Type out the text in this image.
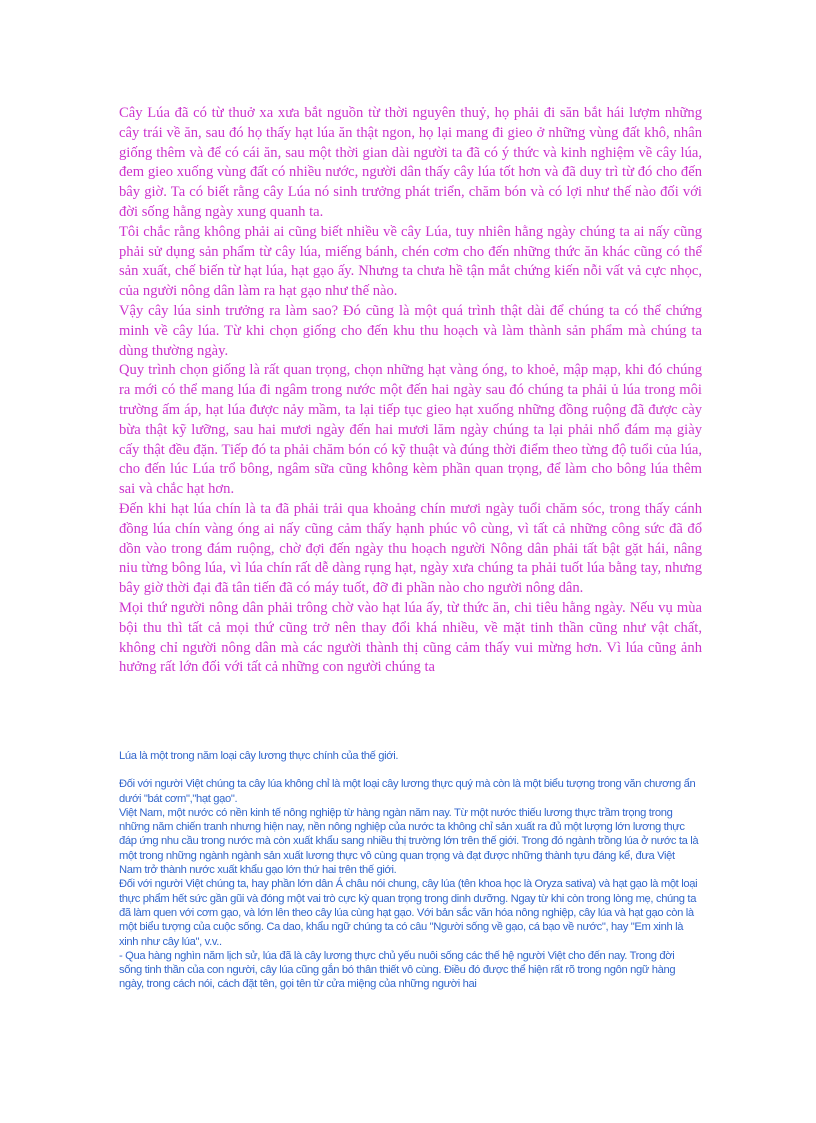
Cây Lúa đã có từ thuở xa xưa bắt nguồn từ thời nguyên thuỷ, họ phải đi săn bắt hái lượm những cây trái về ăn, sau đó họ thấy hạt lúa ăn thật ngon, họ lại mang đi gieo ở những vùng đất khô, nhân giống thêm và để có cái ăn, sau một thời gian dài người ta đã có ý thức và kinh nghiệm về cây lúa, đem gieo xuống vùng đất có nhiều nước, người dân thấy cây lúa tốt hơn và đã duy trì từ đó cho đến bây giờ. Ta có biết rằng cây Lúa nó sinh trưởng phát triển, chăm bón và có lợi như thế nào đối với đời sống hằng ngày xung quanh ta.

Tôi chắc rằng không phải ai cũng biết nhiều về cây Lúa, tuy nhiên hằng ngày chúng ta ai nấy cũng phải sử dụng sản phẩm từ cây lúa, miếng bánh, chén cơm cho đến những thức ăn khác cũng có thể sản xuất, chế biến từ hạt lúa, hạt gạo ấy. Nhưng ta chưa hề tận mắt chứng kiến nỗi vất vả cực nhọc, của người nông dân làm ra hạt gạo như thế nào.

Vậy cây lúa sinh trưởng ra làm sao? Đó cũng là một quá trình thật dài để chúng ta có thể chứng minh về cây lúa. Từ khi chọn giống cho đến khu thu hoạch và làm thành sản phẩm mà chúng ta dùng thường ngày.

Quy trình chọn giống là rất quan trọng, chọn những hạt vàng óng, to khoẻ, mập mạp, khi đó chúng ra mới có thể mang lúa đi ngâm trong nước một đến hai ngày sau đó chúng ta phải ủ lúa trong môi trường ấm áp, hạt lúa được nảy mầm, ta lại tiếp tục gieo hạt xuống những đồng ruộng đã được cày bừa thật kỹ lưỡng, sau hai mươi ngày đến hai mươi lăm ngày chúng ta lại phải nhổ đám mạ giày cấy thật đều đặn. Tiếp đó ta phải chăm bón có kỹ thuật và đúng thời điểm theo từng độ tuổi của lúa, cho đến lúc Lúa trổ bông, ngâm sữa cũng không kèm phần quan trọng, để làm cho bông lúa thêm sai và chắc hạt hơn.

Đến khi hạt lúa chín là ta đã phải trải qua khoảng chín mươi ngày tuổi chăm sóc, trong thấy cánh đồng lúa chín vàng óng ai nấy cũng cảm thấy hạnh phúc vô cùng, vì tất cả những công sức đã đổ dồn vào trong đám ruộng, chờ đợi đến ngày thu hoạch người Nông dân phải tất bật gặt hái, nâng niu từng bông lúa, vì lúa chín rất dễ dàng rụng hạt, ngày xưa chúng ta phải tuốt lúa bằng tay, nhưng bây giờ thời đại đã tân tiến đã có máy tuốt, đỡ đi phần nào cho người nông dân.

Mọi thứ người nông dân phải trông chờ vào hạt lúa ấy, từ thức ăn, chi tiêu hằng ngày. Nếu vụ mùa bội thu thì tất cả mọi thứ cũng trở nên thay đổi khá nhiều, về mặt tinh thần cũng như vật chất, không chỉ người nông dân mà các người thành thị cũng cảm thấy vui mừng hơn. Vì lúa cũng ảnh hưởng rất lớn đối với tất cả những con người chúng ta

Lúa là một trong năm loại cây lương thực chính của thế giới.

Đối với người Việt chúng ta cây lúa không chỉ là một loại cây lương thực quý mà còn là một biểu tượng trong văn chương ẩn dưới "bát cơm","hạt gạo".

Việt Nam, một nước có nền kinh tế nông nghiệp từ hàng ngàn năm nay. Từ một nước thiếu lương thực trầm trọng trong những năm chiến tranh nhưng hiện nay, nền nông nghiệp của nước ta không chỉ sản xuất ra đủ một lượng lớn lương thực đáp ứng nhu cầu trong nước mà còn xuất khẩu sang nhiều thị trường lớn trên thế giới. Trong đó ngành trồng lúa ở nước ta là một trong những ngành ngành sản xuất lương thực vô cùng quan trọng và đạt được những thành tựu đáng kể, đưa Việt Nam trở thành nước xuất khẩu gạo lớn thứ hai trên thế giới.

Đối với người Việt chúng ta, hay phần lớn dân Á châu nói chung, cây lúa (tên khoa học là Oryza sativa) và hạt gạo là một loại thực phẩm hết sức gần gũi và đóng một vai trò cực kỳ quan trọng trong dinh dưỡng. Ngay từ khi còn trong lòng mẹ, chúng ta đã làm quen với cơm gạo, và lớn lên theo cây lúa cùng hạt gạo. Với bản sắc văn hóa nông nghiệp, cây lúa và hạt gạo còn là một biểu tượng của cuộc sống. Ca dao, khẩu ngữ chúng ta có câu "Người sống về gạo, cá bạo về nước", hay "Em xinh là xinh như cây lúa", v.v..

- Qua hàng nghìn năm lịch sử, lúa đã là cây lương thực chủ yếu nuôi sống các thế hệ người Việt cho đến nay. Trong đời sống tinh thần của con người, cây lúa cũng gắn bó thân thiết vô cùng. Điều đó được thể hiện rất rõ trong ngôn ngữ hàng ngày, trong cách nói, cách đặt tên, gọi tên từ cửa miệng của những người hai
